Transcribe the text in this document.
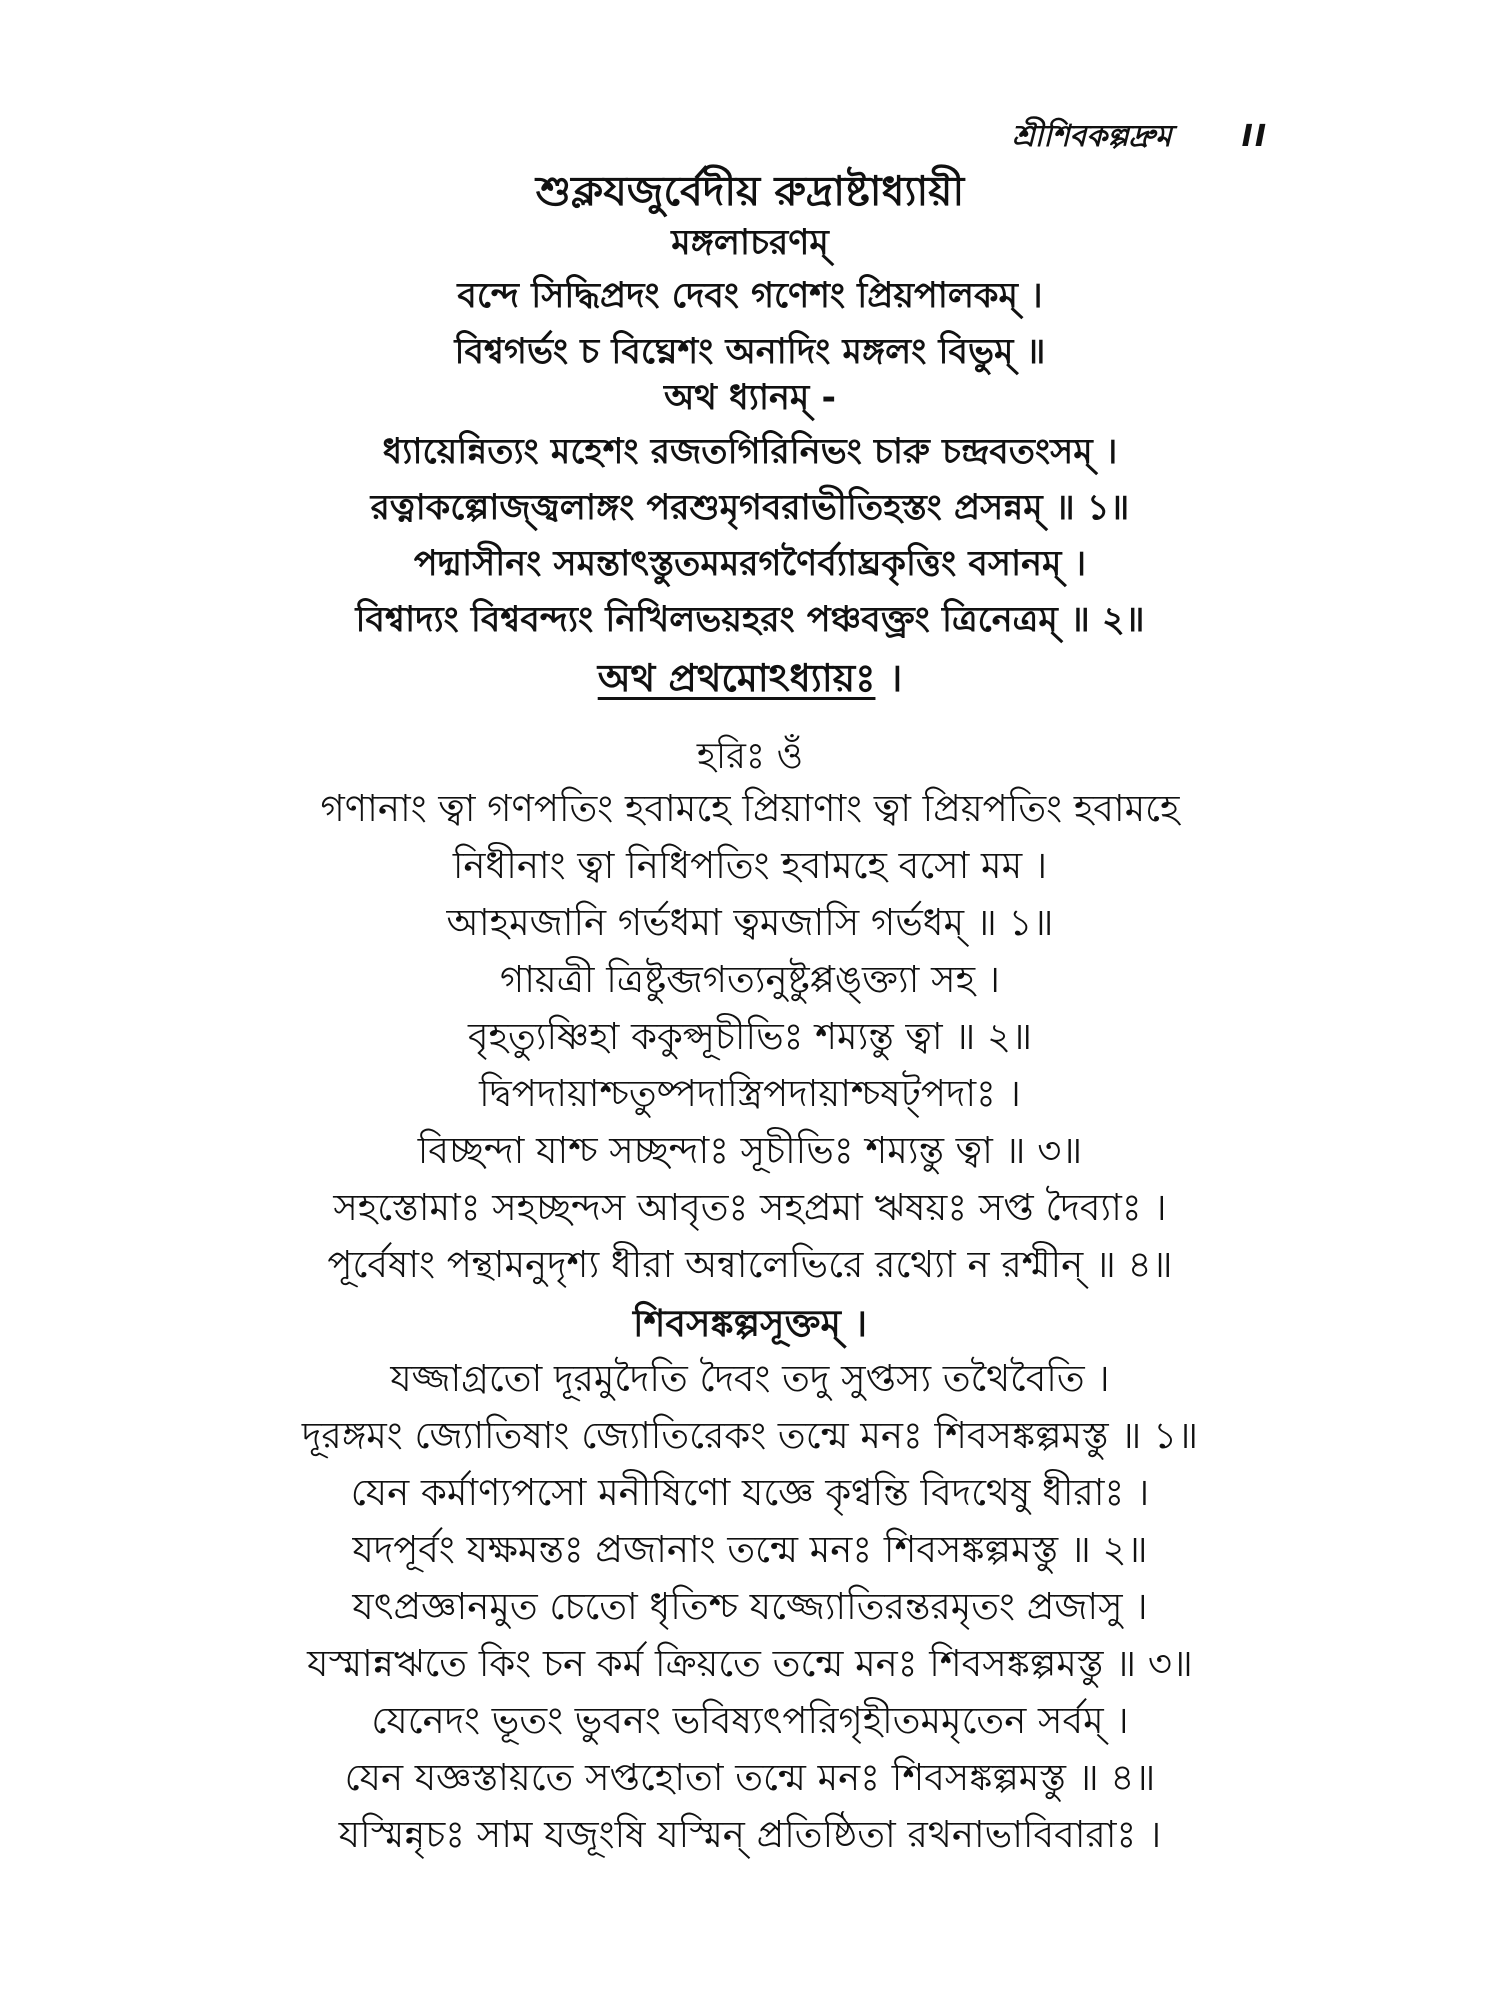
শ্রীশিবকল্পদ্রুম II
শুক্লযজুর্বেদীয় রুদ্রাষ্টাধ্যায়ী
মঙ্গলাচরণম্
বন্দে সিদ্ধিপ্রদং দেবং গণেশং প্রিয়পালকম্ ।
বিশ্বগর্ভং চ বিঘ্নেশং অনাদিং মঙ্গলং বিভুম্ ॥
অথ ধ্যানম্ -
ধ্যায়েন্নিত্যং মহেশং রজতগিরিনিভং চারু চন্দ্রবতংসম্ ।
রত্নাকল্পোজ্জ্বলাঙ্গং পরশুমৃগবরাভীতিহস্তং প্রসন্নম্ ॥ ১॥
পদ্মাসীনং সমন্তাৎস্তুতমমরগণৈর্ব্যাঘ্রকৃত্তিং বসানম্ ।
বিশ্বাদ্যং বিশ্ববন্দ্যং নিখিলভয়হরং পঞ্চবক্ত্রং ত্রিনেত্রম্ ॥ ২॥
অথ প্রথমোঽধ্যায়ঃ ।
হরিঃ ওঁ
গণানাং ত্বা গণপতিং হবামহে প্রিয়াণাং ত্বা প্রিয়পতিং হবামহে
নিধীনাং ত্বা নিধিপতিং হবামহে বসো মম ।
আহমজানি গর্ভধমা ত্বমজাসি গর্ভধম্ ॥ ১॥
গায়ত্রী ত্রিষ্টুব্জগত্যনুষ্টুপ্পঙ্‌ক্ত্যা সহ ।
বৃহত্যুষ্ণিহা ককুপ্সূচীভিঃ শম্যন্তু ত্বা ॥ ২॥
দ্বিপদায়াশ্চতুষ্পদাস্ত্রিপদায়াশ্চষট্পদাঃ ।
বিচ্ছন্দা যাশ্চ সচ্ছন্দাঃ সূচীভিঃ শম্যন্তু ত্বা ॥ ৩॥
সহস্তোমাঃ সহচ্ছন্দস আবৃতঃ সহপ্রমা ঋষয়ঃ সপ্ত দৈব্যাঃ ।
পূর্বেষাং পন্থামনুদৃশ্য ধীরা অন্বালেভিরে রথ্যো ন রশ্মীন্ ॥ ৪॥
শিবসঙ্কল্পসূক্তম্ ।
যজ্জাগ্রতো দূরমুদৈতি দৈবং তদু সুপ্তস্য তথৈবৈতি ।
দূরঙ্গমং জ্যোতিষাং জ্যোতিরেকং তন্মে মনঃ শিবসঙ্কল্পমস্তু ॥ ১॥
যেন কর্মাণ্যপসো মনীষিণো যজ্ঞে কৃণ্বন্তি বিদথেষু ধীরাঃ ।
যদপূর্বং যক্ষমন্তঃ প্রজানাং তন্মে মনঃ শিবসঙ্কল্পমস্তু ॥ ২॥
যৎপ্রজ্ঞানমুত চেতো ধৃতিশ্চ যজ্জ্যোতিরন্তরমৃতং প্রজাসু ।
যস্মান্নঋতে কিং চন কর্ম ক্রিয়তে তন্মে মনঃ শিবসঙ্কল্পমস্তু ॥ ৩॥
যেনেদং ভূতং ভুবনং ভবিষ্যৎপরিগৃহীতমমৃতেন সর্বম্ ।
যেন যজ্ঞস্তায়তে সপ্তহোতা তন্মে মনঃ শিবসঙ্কল্পমস্তু ॥ ৪॥
যস্মিন্নৃচঃ সাম যজূংষি যস্মিন্ প্রতিষ্ঠিতা রথনাভাবিবারাঃ ।
